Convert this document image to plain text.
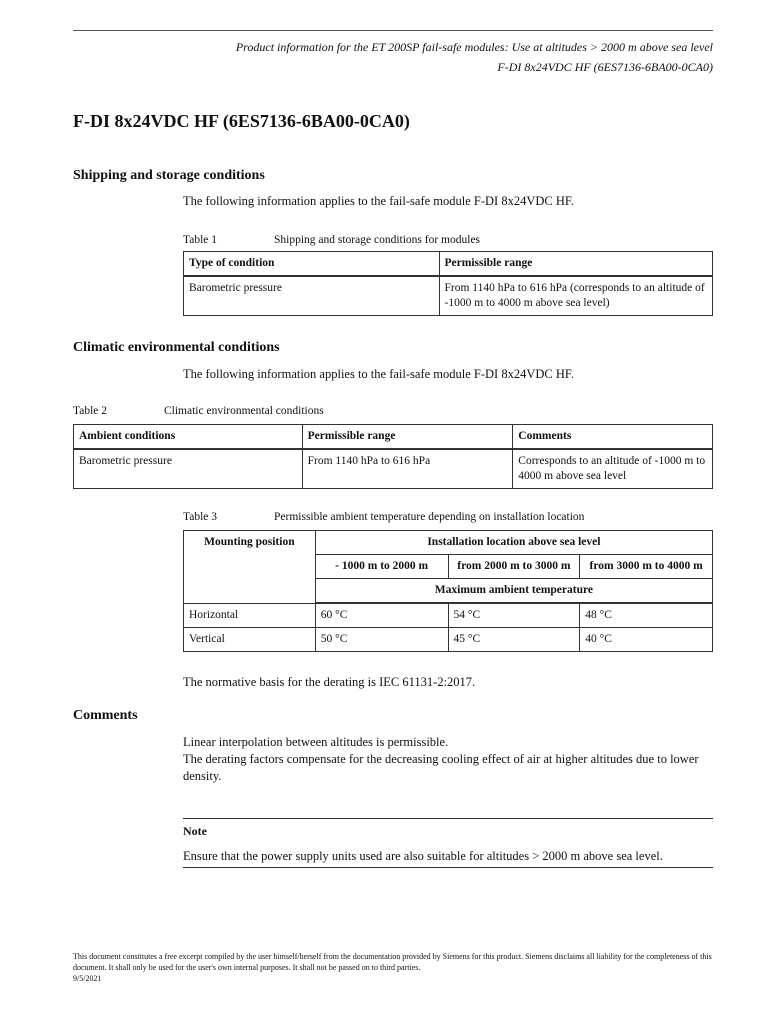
Product information for the ET 200SP fail-safe modules: Use at altitudes > 2000 m above sea level
F-DI 8x24VDC HF (6ES7136-6BA00-0CA0)
F-DI 8x24VDC HF (6ES7136-6BA00-0CA0)
Shipping and storage conditions

The following information applies to the fail-safe module F-DI 8x24VDC HF.

Table 1	Shipping and storage conditions for modules
Type of condition	Permissible range
Barometric pressure	From 1140 hPa to 616 hPa (corresponds to an altitude of -1000 m to 4000 m above sea level)
Climatic environmental conditions

The following information applies to the fail-safe module F-DI 8x24VDC HF.

Table 2	Climatic environmental conditions
Ambient conditions	Permissible range	Comments
Barometric pressure	From 1140 hPa to 616 hPa	Corresponds to an altitude of -1000 m to 4000 m above sea level
Table 3	Permissible ambient temperature depending on installation location
Mounting position	Installation location above sea level		
	- 1000 m to 2000 m	from 2000 m to 3000 m	from 3000 m to 4000 m
	Maximum ambient temperature		
Horizontal	60 °C	54 °C	48 °C
Vertical	50 °C	45 °C	40 °C

The normative basis for the derating is IEC 61131-2:2017.

Comments

Linear interpolation between altitudes is permissible.

The derating factors compensate for the decreasing cooling effect of air at higher altitudes due to lower density.

Note
Ensure that the power supply units used are also suitable for altitudes > 2000 m above sea level.
This document constitutes a free excerpt compiled by the user himself/herself from the documentation provided by Siemens for this product. Siemens disclaims all liability for the completeness of this document. It shall only be used for the user's own internal purposes. It shall not be passed on to third parties.
9/5/2021
